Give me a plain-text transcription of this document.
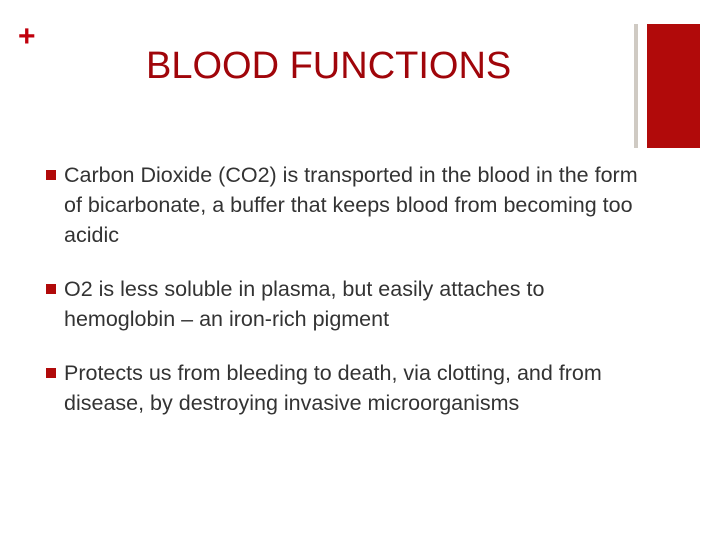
+
BLOOD FUNCTIONS
Carbon Dioxide (CO2) is transported in the blood in the form of bicarbonate, a buffer that keeps blood from becoming too acidic
O2 is less soluble in plasma, but easily attaches to hemoglobin – an iron-rich pigment
Protects us from bleeding to death, via clotting, and from disease, by destroying invasive microorganisms
